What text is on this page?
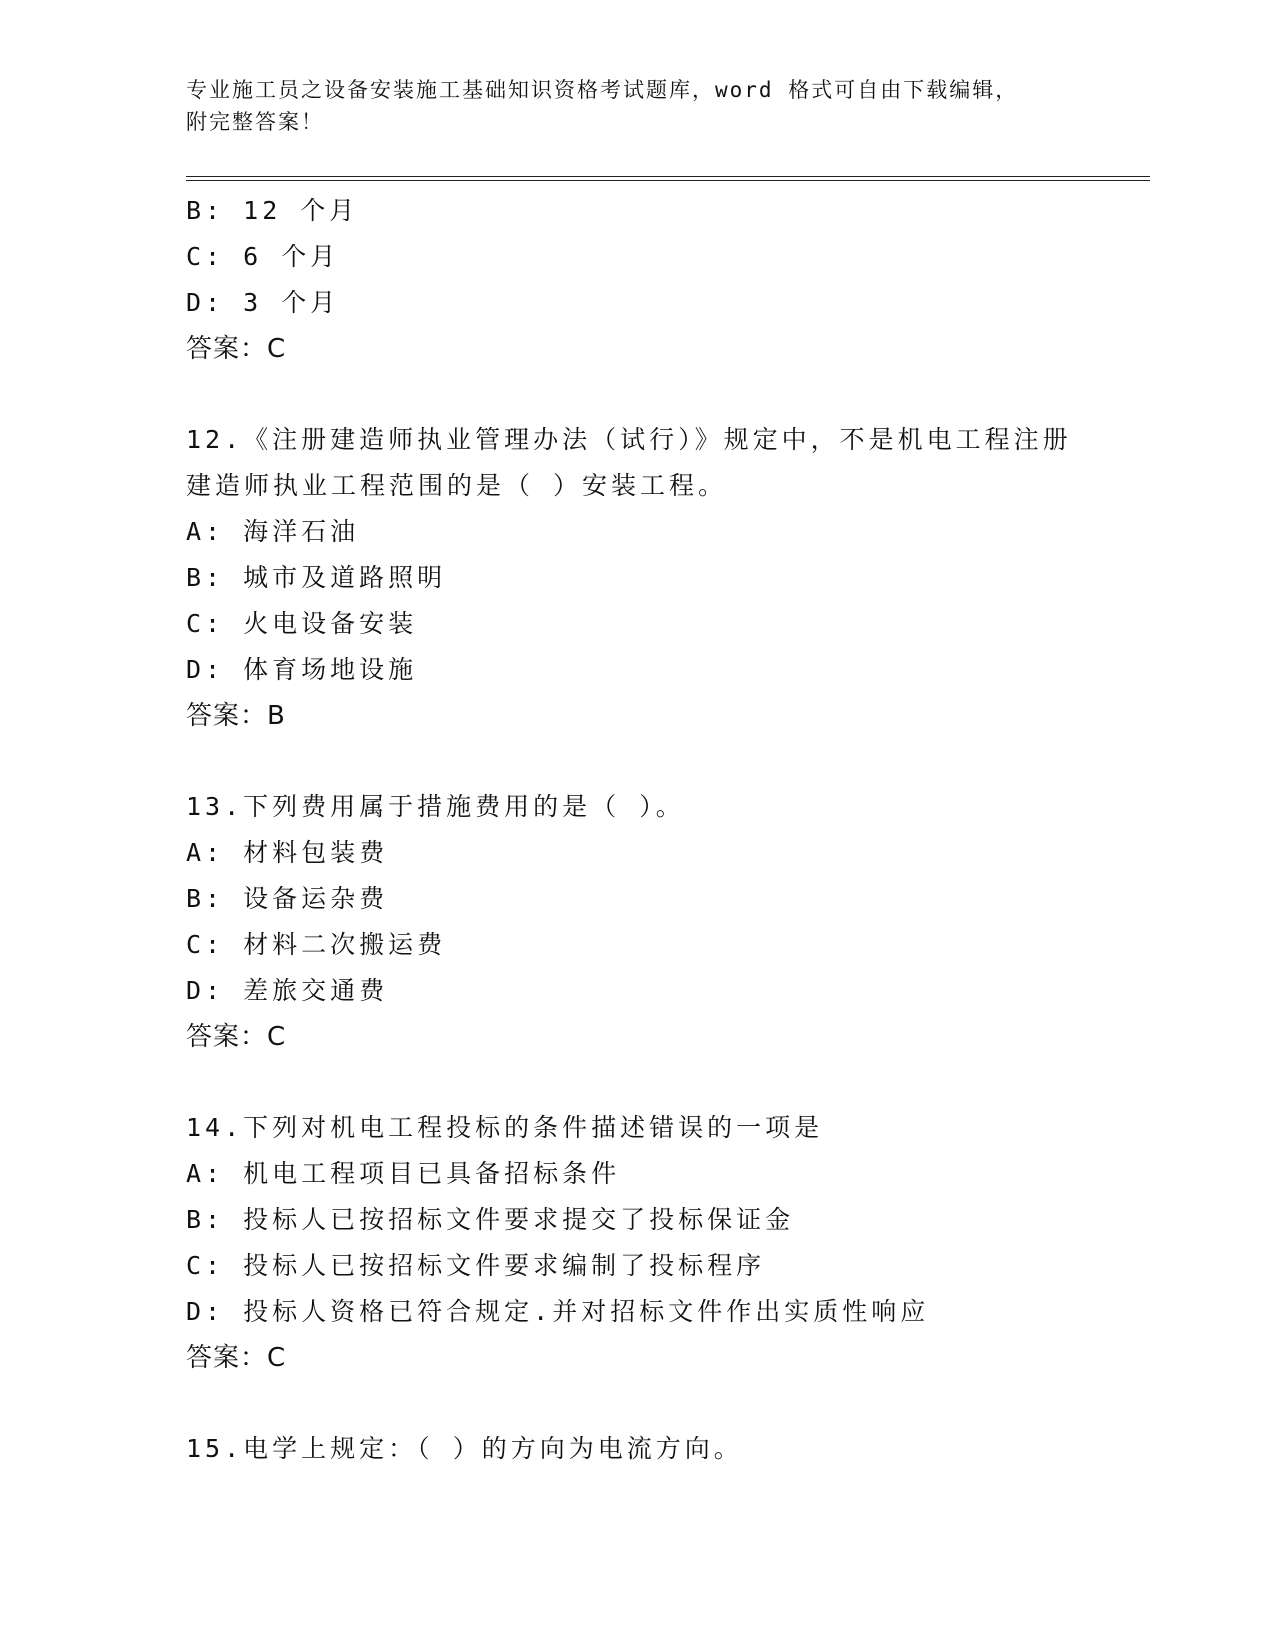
专业施工员之设备安装施工基础知识资格考试题库，word 格式可自由下载编辑，
附完整答案！
B: 12 个月
C: 6 个月
D: 3 个月
答案：C
12.《注册建造师执业管理办法（试行）》规定中，不是机电工程注册
建造师执业工程范围的是（ ）安装工程。
A: 海洋石油
B: 城市及道路照明
C: 火电设备安装
D: 体育场地设施
答案：B
13.下列费用属于措施费用的是（ ）。
A: 材料包装费
B: 设备运杂费
C: 材料二次搬运费
D: 差旅交通费
答案：C
14.下列对机电工程投标的条件描述错误的一项是
A: 机电工程项目已具备招标条件
B: 投标人已按招标文件要求提交了投标保证金
C: 投标人已按招标文件要求编制了投标程序
D: 投标人资格已符合规定.并对招标文件作出实质性响应
答案：C
15.电学上规定：（ ）的方向为电流方向。
